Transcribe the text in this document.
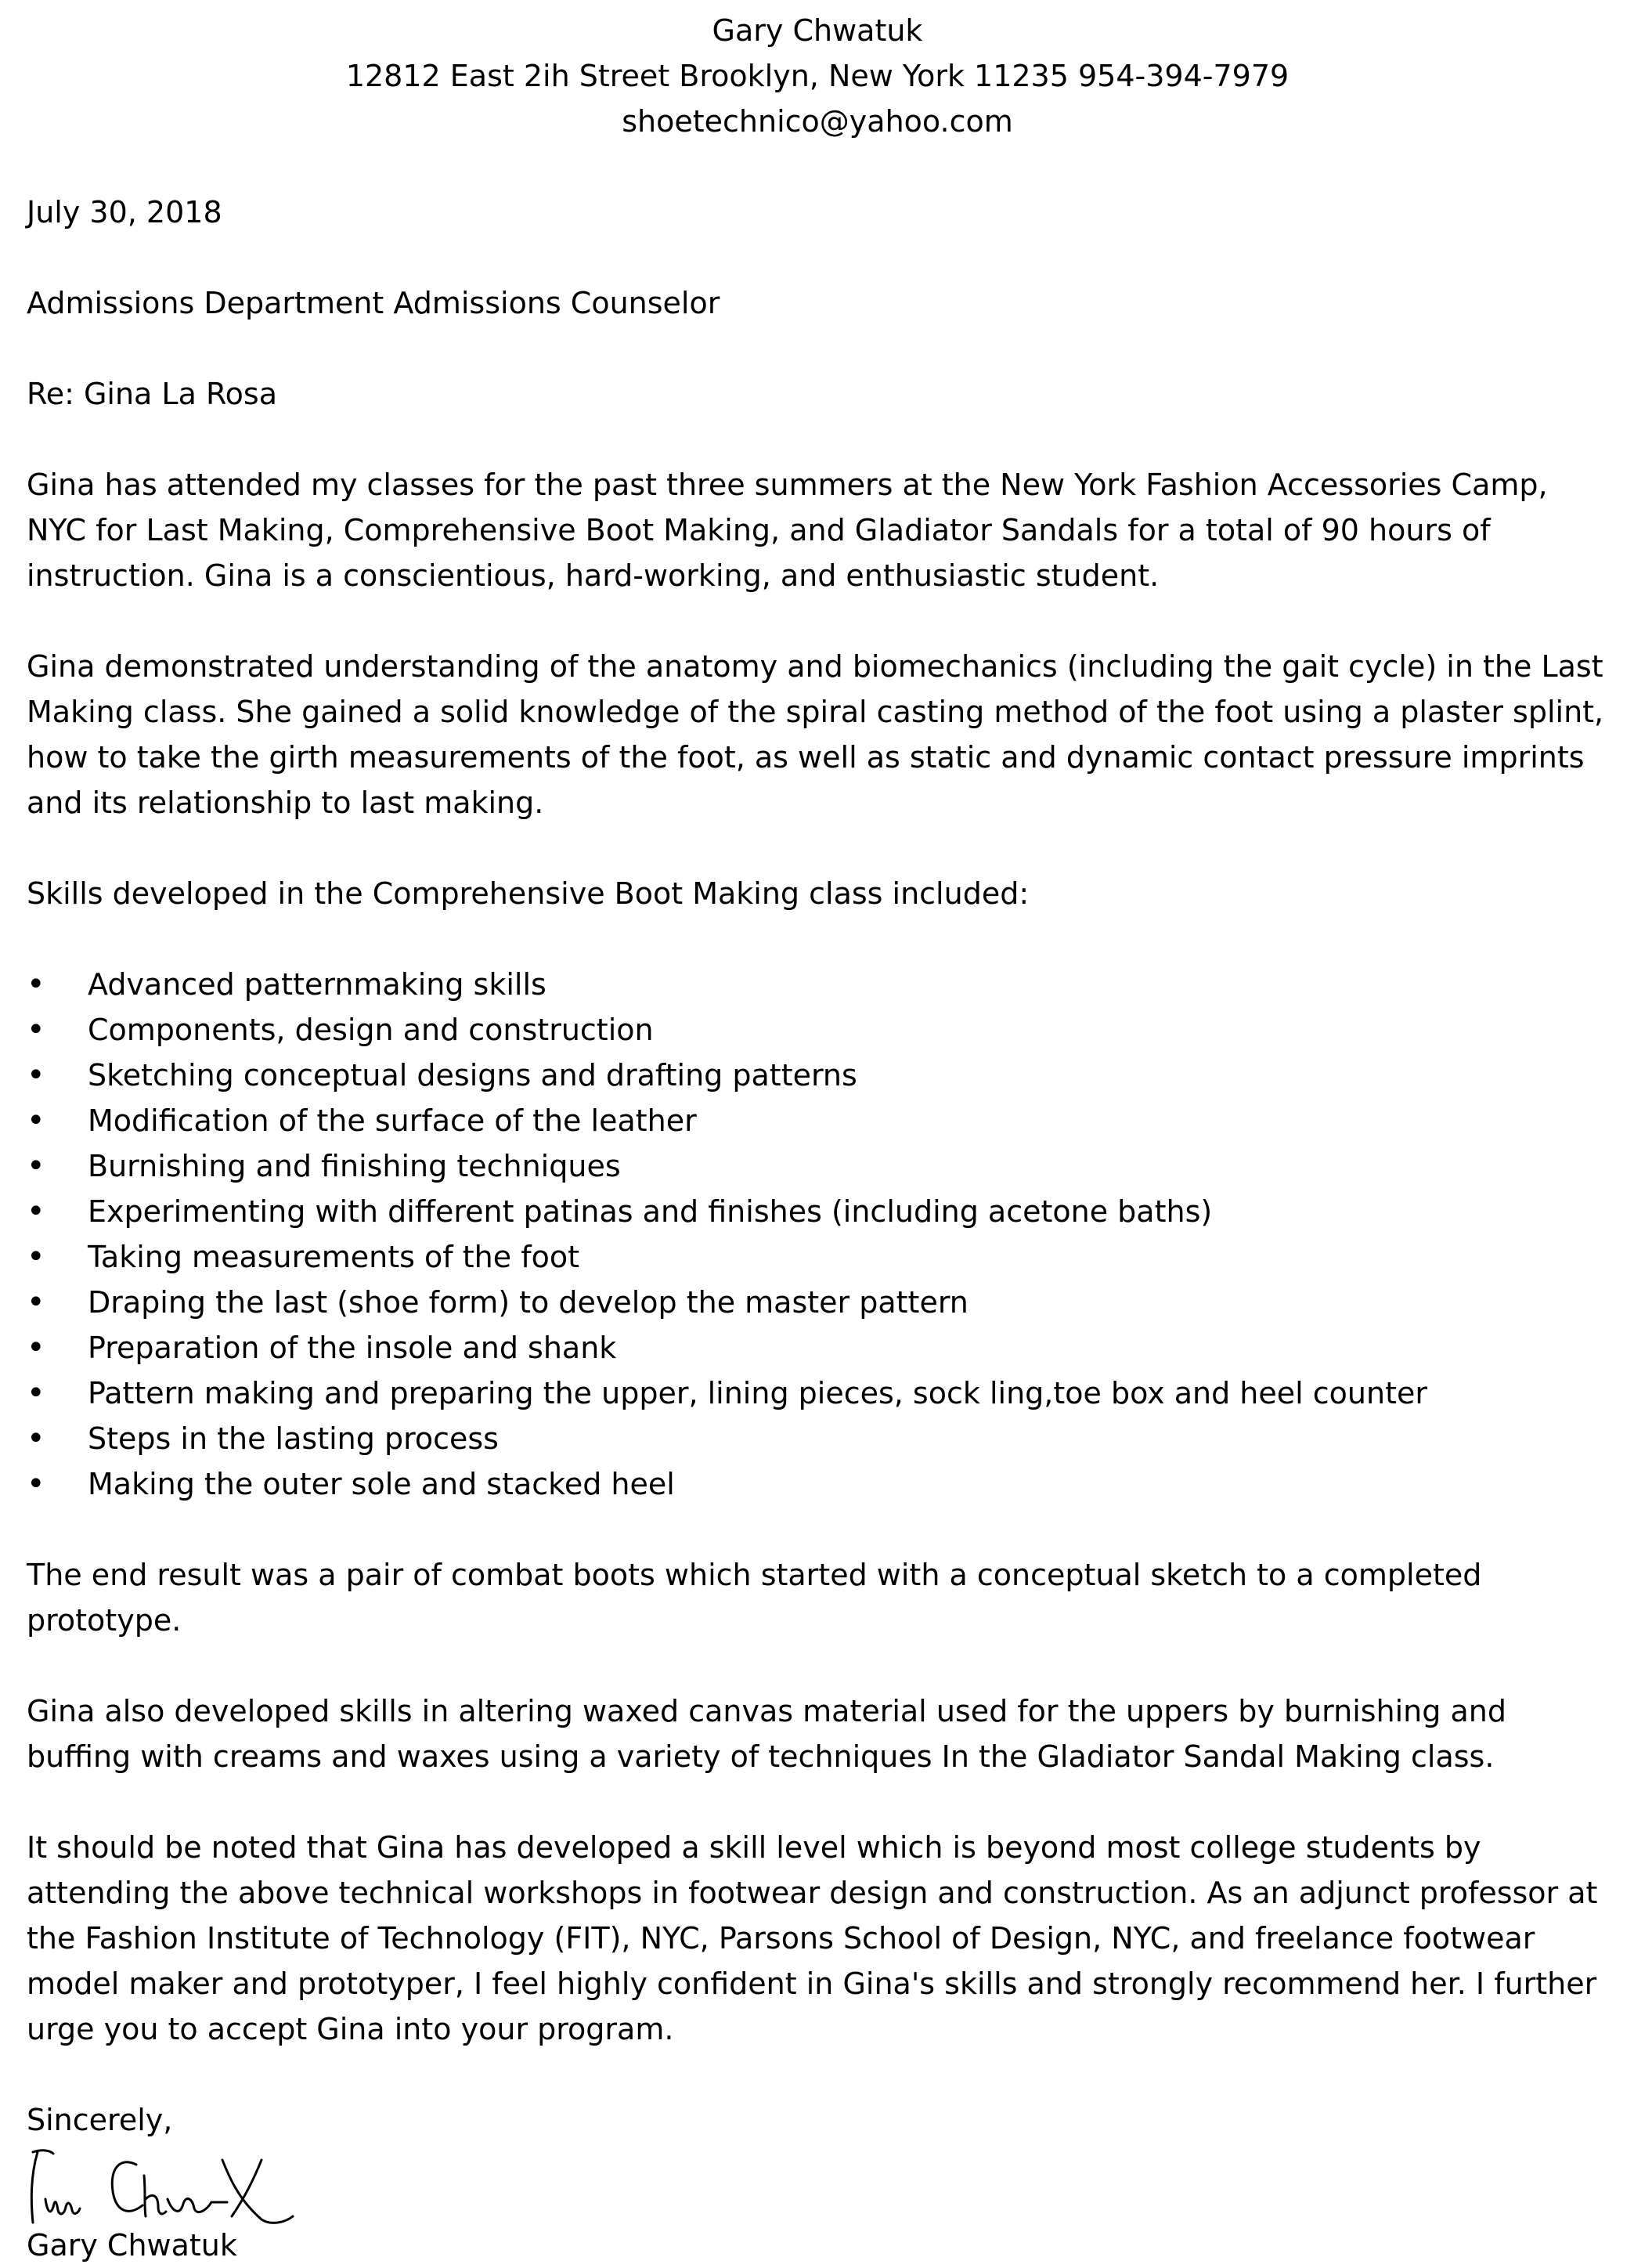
Gary Chwatuk
12812 East 2ih Street Brooklyn, New York 11235 954-394-7979
shoetechnico@yahoo.com

July 30, 2018

Admissions Department Admissions Counselor

Re: Gina La Rosa

Gina has attended my classes for the past three summers at the New York Fashion Accessories Camp, NYC for Last Making, Comprehensive Boot Making, and Gladiator Sandals for a total of 90 hours of instruction. Gina is a conscientious, hard-working, and enthusiastic student.

Gina demonstrated understanding of the anatomy and biomechanics (including the gait cycle) in the Last Making class. She gained a solid knowledge of the spiral casting method of the foot using a plaster splint, how to take the girth measurements of the foot, as well as static and dynamic contact pressure imprints and its relationship to last making.

Skills developed in the Comprehensive Boot Making class included:

• Advanced patternmaking skills
• Components, design and construction
• Sketching conceptual designs and drafting patterns
• Modification of the surface of the leather
• Burnishing and finishing techniques
• Experimenting with different patinas and finishes (including acetone baths)
• Taking measurements of the foot
• Draping the last (shoe form) to develop the master pattern
• Preparation of the insole and shank
• Pattern making and preparing the upper, lining pieces, sock ling,toe box and heel counter
• Steps in the lasting process
• Making the outer sole and stacked heel

The end result was a pair of combat boots which started with a conceptual sketch to a completed prototype.

Gina also developed skills in altering waxed canvas material used for the uppers by burnishing and buffing with creams and waxes using a variety of techniques In the Gladiator Sandal Making class.

It should be noted that Gina has developed a skill level which is beyond most college students by attending the above technical workshops in footwear design and construction. As an adjunct professor at the Fashion Institute of Technology (FIT), NYC, Parsons School of Design, NYC, and freelance footwear model maker and prototyper, I feel highly confident in Gina's skills and strongly recommend her. I further urge you to accept Gina into your program.

Sincerely,

Gary Chwatuk
